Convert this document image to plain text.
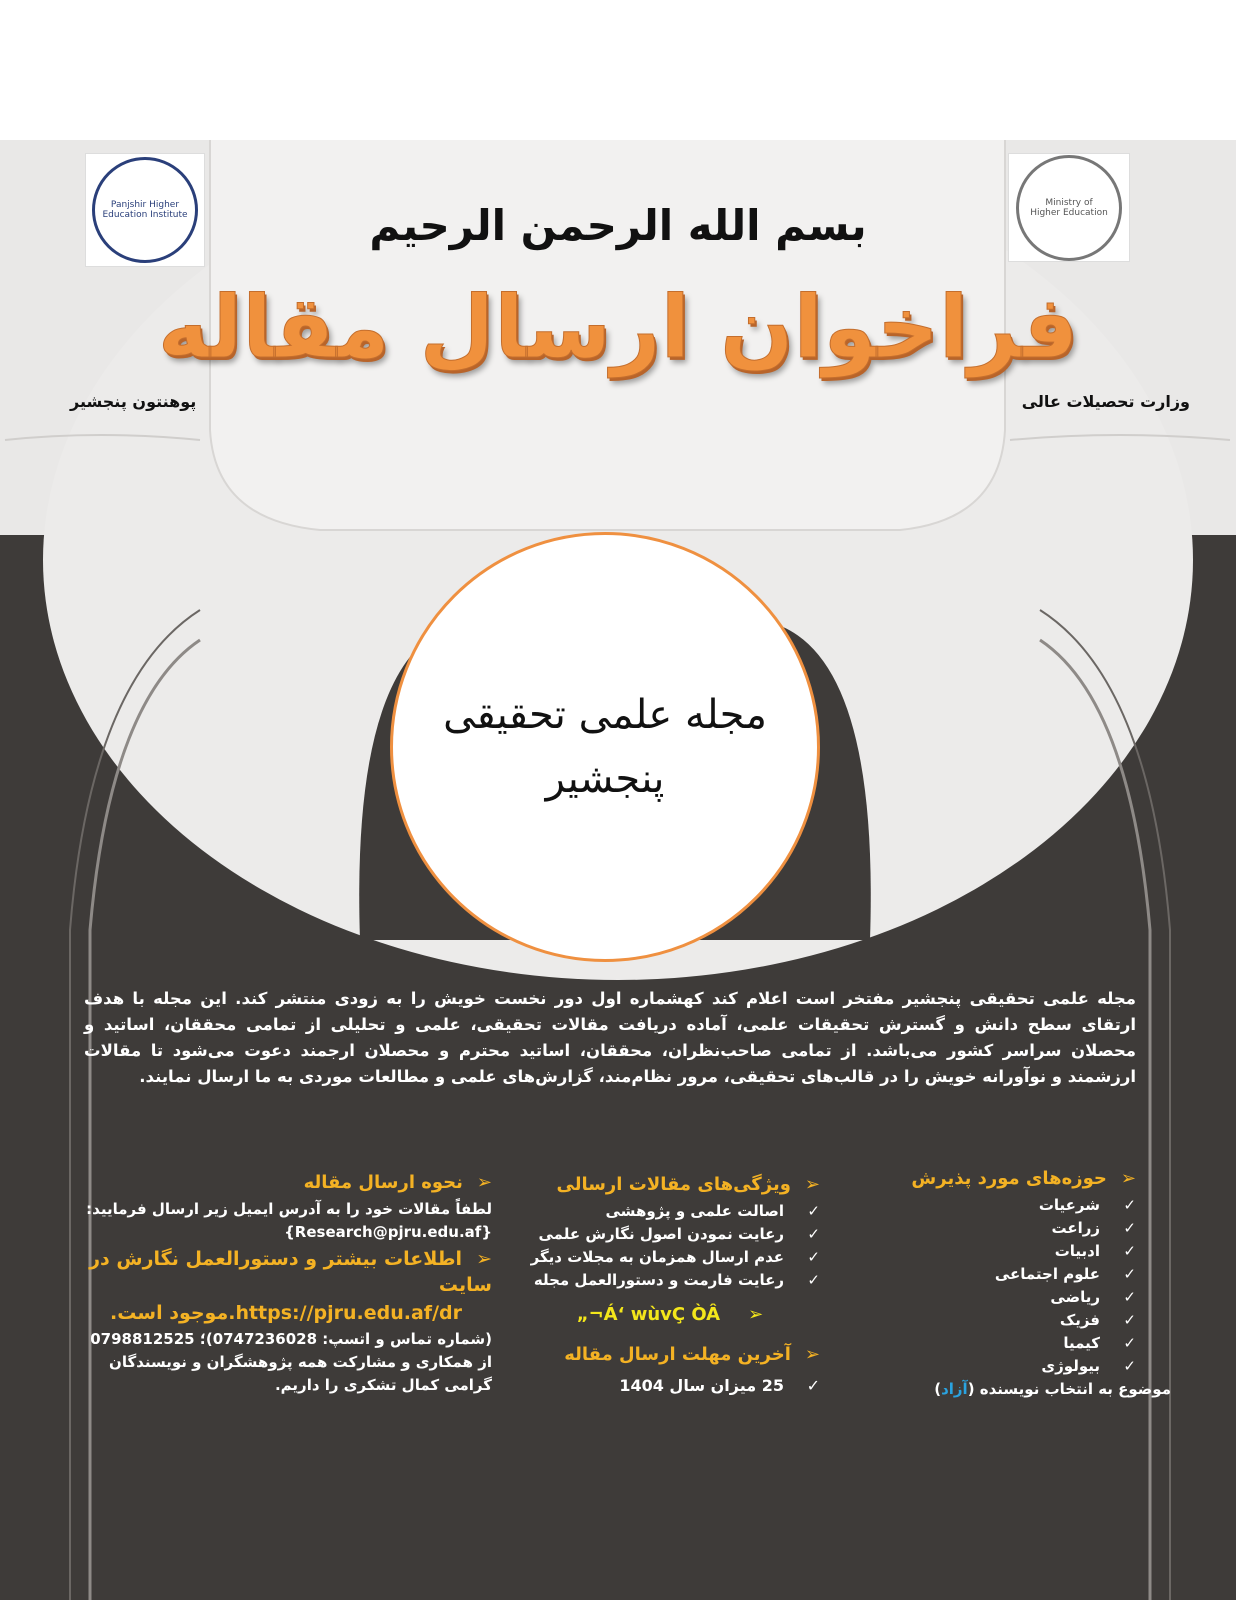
Panjshir Higher
Education Institute
Ministry of
Higher Education
بسم الله الرحمن الرحیم
فراخوان ارسال مقاله
پوهنتون پنجشیر	وزارت تحصیلات عالی
مجله علمی تحقیقی
پنجشیر
مجله علمی تحقیقی پنجشیر مفتخر است اعلام کند کهشماره اول دور نخست خویش را به زودی منتشر کند. این مجله با هدف ارتقای سطح دانش و گسترش تحقیقات علمی، آماده دریافت مقالات تحقیقی، علمی و تحلیلی از تمامی محققان، اساتید و محصلان سراسر کشور می‌باشد. از تمامی صاحب‌نظران، محققان، اساتید محترم و محصلان ارجمند دعوت می‌شود تا مقالات ارزشمند و نوآورانه خویش را در قالب‌های تحقیقی، مرور نظام‌مند، گزارش‌های علمی و مطالعات موردی به ما ارسال نمایند.
➢حوزه‌های مورد پذیرش
✓شرعیات
✓زراعت
✓ادبیات
✓علوم اجتماعی
✓ریاضی
✓فزیک
✓کیمیا
✓بیولوژی
موضوع به انتخاب نویسنده (آزاد)
➢ویژگی‌های مقالات ارسالی
✓اصالت علمی و پژوهشی
✓رعایت نمودن اصول نگارش علمی
✓عدم ارسال همزمان به مجلات دیگر
✓رعایت فارمت و دستورالعمل مجله
„¬Á‘ wùvÇ ÒÂ ➢
➢آخرین مهلت ارسال مقاله
✓25 میزان سال 1404
➢نحوه ارسال مقاله
لطفاً مقالات خود را به آدرس ایمیل زیر ارسال فرمایید:
{Research@pjru.edu.af}
➢اطلاعات بیشتر و دستورالعمل نگارش در سایت
https://pjru.edu.af/dr.موجود است.
(شماره تماس و اتسپ: 0747236028)؛ 0798812525
از همکاری و مشارکت همه پژوهشگران و نویسندگان گرامی کمال تشکری را داریم.
